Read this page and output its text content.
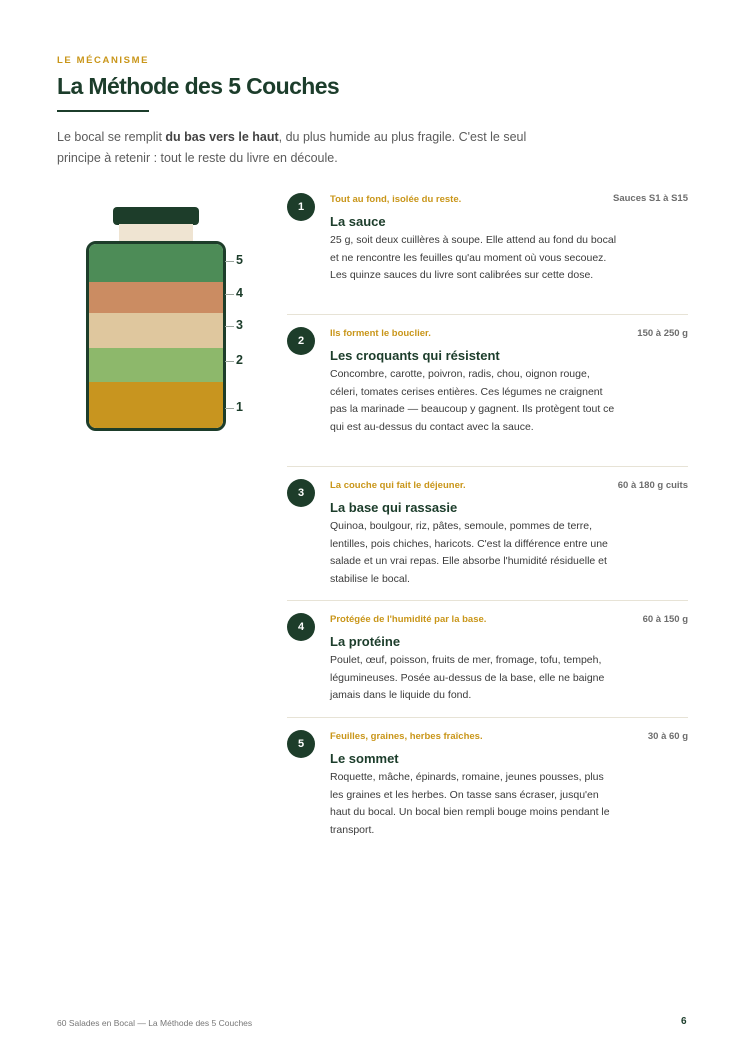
LE MÉCANISME
La Méthode des 5 Couches

Le bocal se remplit du bas vers le haut, du plus humide au plus fragile. C'est le seul principe à retenir : tout le reste du livre en découle.

5
4
3
2
1
1
Tout au fond, isolée du reste.	Sauces S1 à S15
La sauce

25 g, soit deux cuillères à soupe. Elle attend au fond du bocal et ne rencontre les feuilles qu'au moment où vous secouez. Les quinze sauces du livre sont calibrées sur cette dose.

2
Ils forment le bouclier.	150 à 250 g
Les croquants qui résistent

Concombre, carotte, poivron, radis, chou, oignon rouge, céleri, tomates cerises entières. Ces légumes ne craignent pas la marinade — beaucoup y gagnent. Ils protègent tout ce qui est au-dessus du contact avec la sauce.

3
La couche qui fait le déjeuner.	60 à 180 g cuits
La base qui rassasie

Quinoa, boulgour, riz, pâtes, semoule, pommes de terre, lentilles, pois chiches, haricots. C'est la différence entre une salade et un vrai repas. Elle absorbe l'humidité résiduelle et stabilise le bocal.

4
Protégée de l'humidité par la base.	60 à 150 g
La protéine

Poulet, œuf, poisson, fruits de mer, fromage, tofu, tempeh, légumineuses. Posée au-dessus de la base, elle ne baigne jamais dans le liquide du fond.

5
Feuilles, graines, herbes fraîches.	30 à 60 g
Le sommet

Roquette, mâche, épinards, romaine, jeunes pousses, plus les graines et les herbes. On tasse sans écraser, jusqu'en haut du bocal. Un bocal bien rempli bouge moins pendant le transport.

60 Salades en Bocal — La Méthode des 5 Couches	6
